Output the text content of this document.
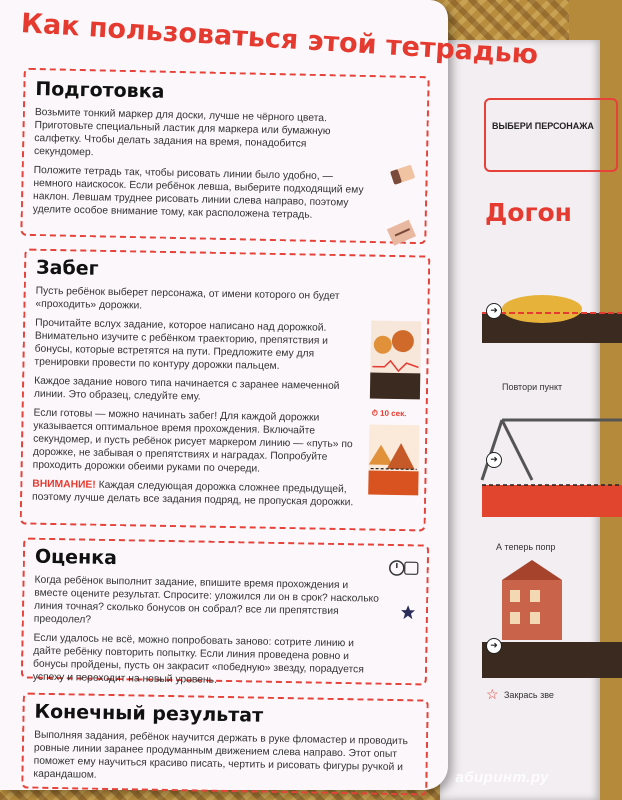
ВЫБЕРИ ПЕРСОНАЖА
Догон
➜
Повтори пункт
➜
А теперь попр
➜
☆ Закрась зве
Как пользоваться этой тетрадью
Подготовка

Возьмите тонкий маркер для доски, лучше не чёрного цвета. Приготовьте специальный ластик для маркера или бумажную салфетку. Чтобы делать задания на время, понадобится секундомер.

Положите тетрадь так, чтобы рисовать линии было удобно, — немного наискосок. Если ребёнок левша, выберите подходящий ему наклон. Левшам труднее рисовать линии слева направо, поэтому уделите особое внимание тому, как расположена тетрадь.

Забег

Пусть ребёнок выберет персонажа, от имени которого он будет «проходить» дорожки.

Прочитайте вслух задание, которое написано над дорожкой. Внимательно изучите с ребёнком траекторию, препятствия и бонусы, которые встретятся на пути. Предложите ему для тренировки провести по контуру дорожки пальцем.

Каждое задание нового типа начинается с заранее намеченной линии. Это образец, следуйте ему.

Если готовы — можно начинать забег! Для каждой дорожки указывается оптимальное время прохождения. Включайте секундомер, и пусть ребёнок рисует маркером линию — «путь» по дорожке, не забывая о препятствиях и наградах. Попробуйте проходить дорожки обеими руками по очереди.

ВНИМАНИЕ! Каждая следующая дорожка сложнее предыдущей, поэтому лучше делать все задания подряд, не пропуская дорожки.

⏱ 10 сек.
Оценка

Когда ребёнок выполнит задание, впишите время прохождения и вместе оцените результат. Спросите: уложился ли он в срок? насколько линия точная? сколько бонусов он собрал? все ли препятствия преодолел?

Если удалось не всё, можно попробовать заново: сотрите линию и дайте ребёнку повторить попытку. Если линия проведена ровно и бонусы пройдены, пусть он закрасит «победную» звезду, порадуется успеху и переходит на новый уровень.

Конечный результат

Выполняя задания, ребёнок научится держать в руке фломастер и проводить ровные линии заранее продуманным движением слева направо. Этот опыт поможет ему научиться красиво писать, чертить и рисовать фигуры ручкой и карандашом.	абиринт.ру
